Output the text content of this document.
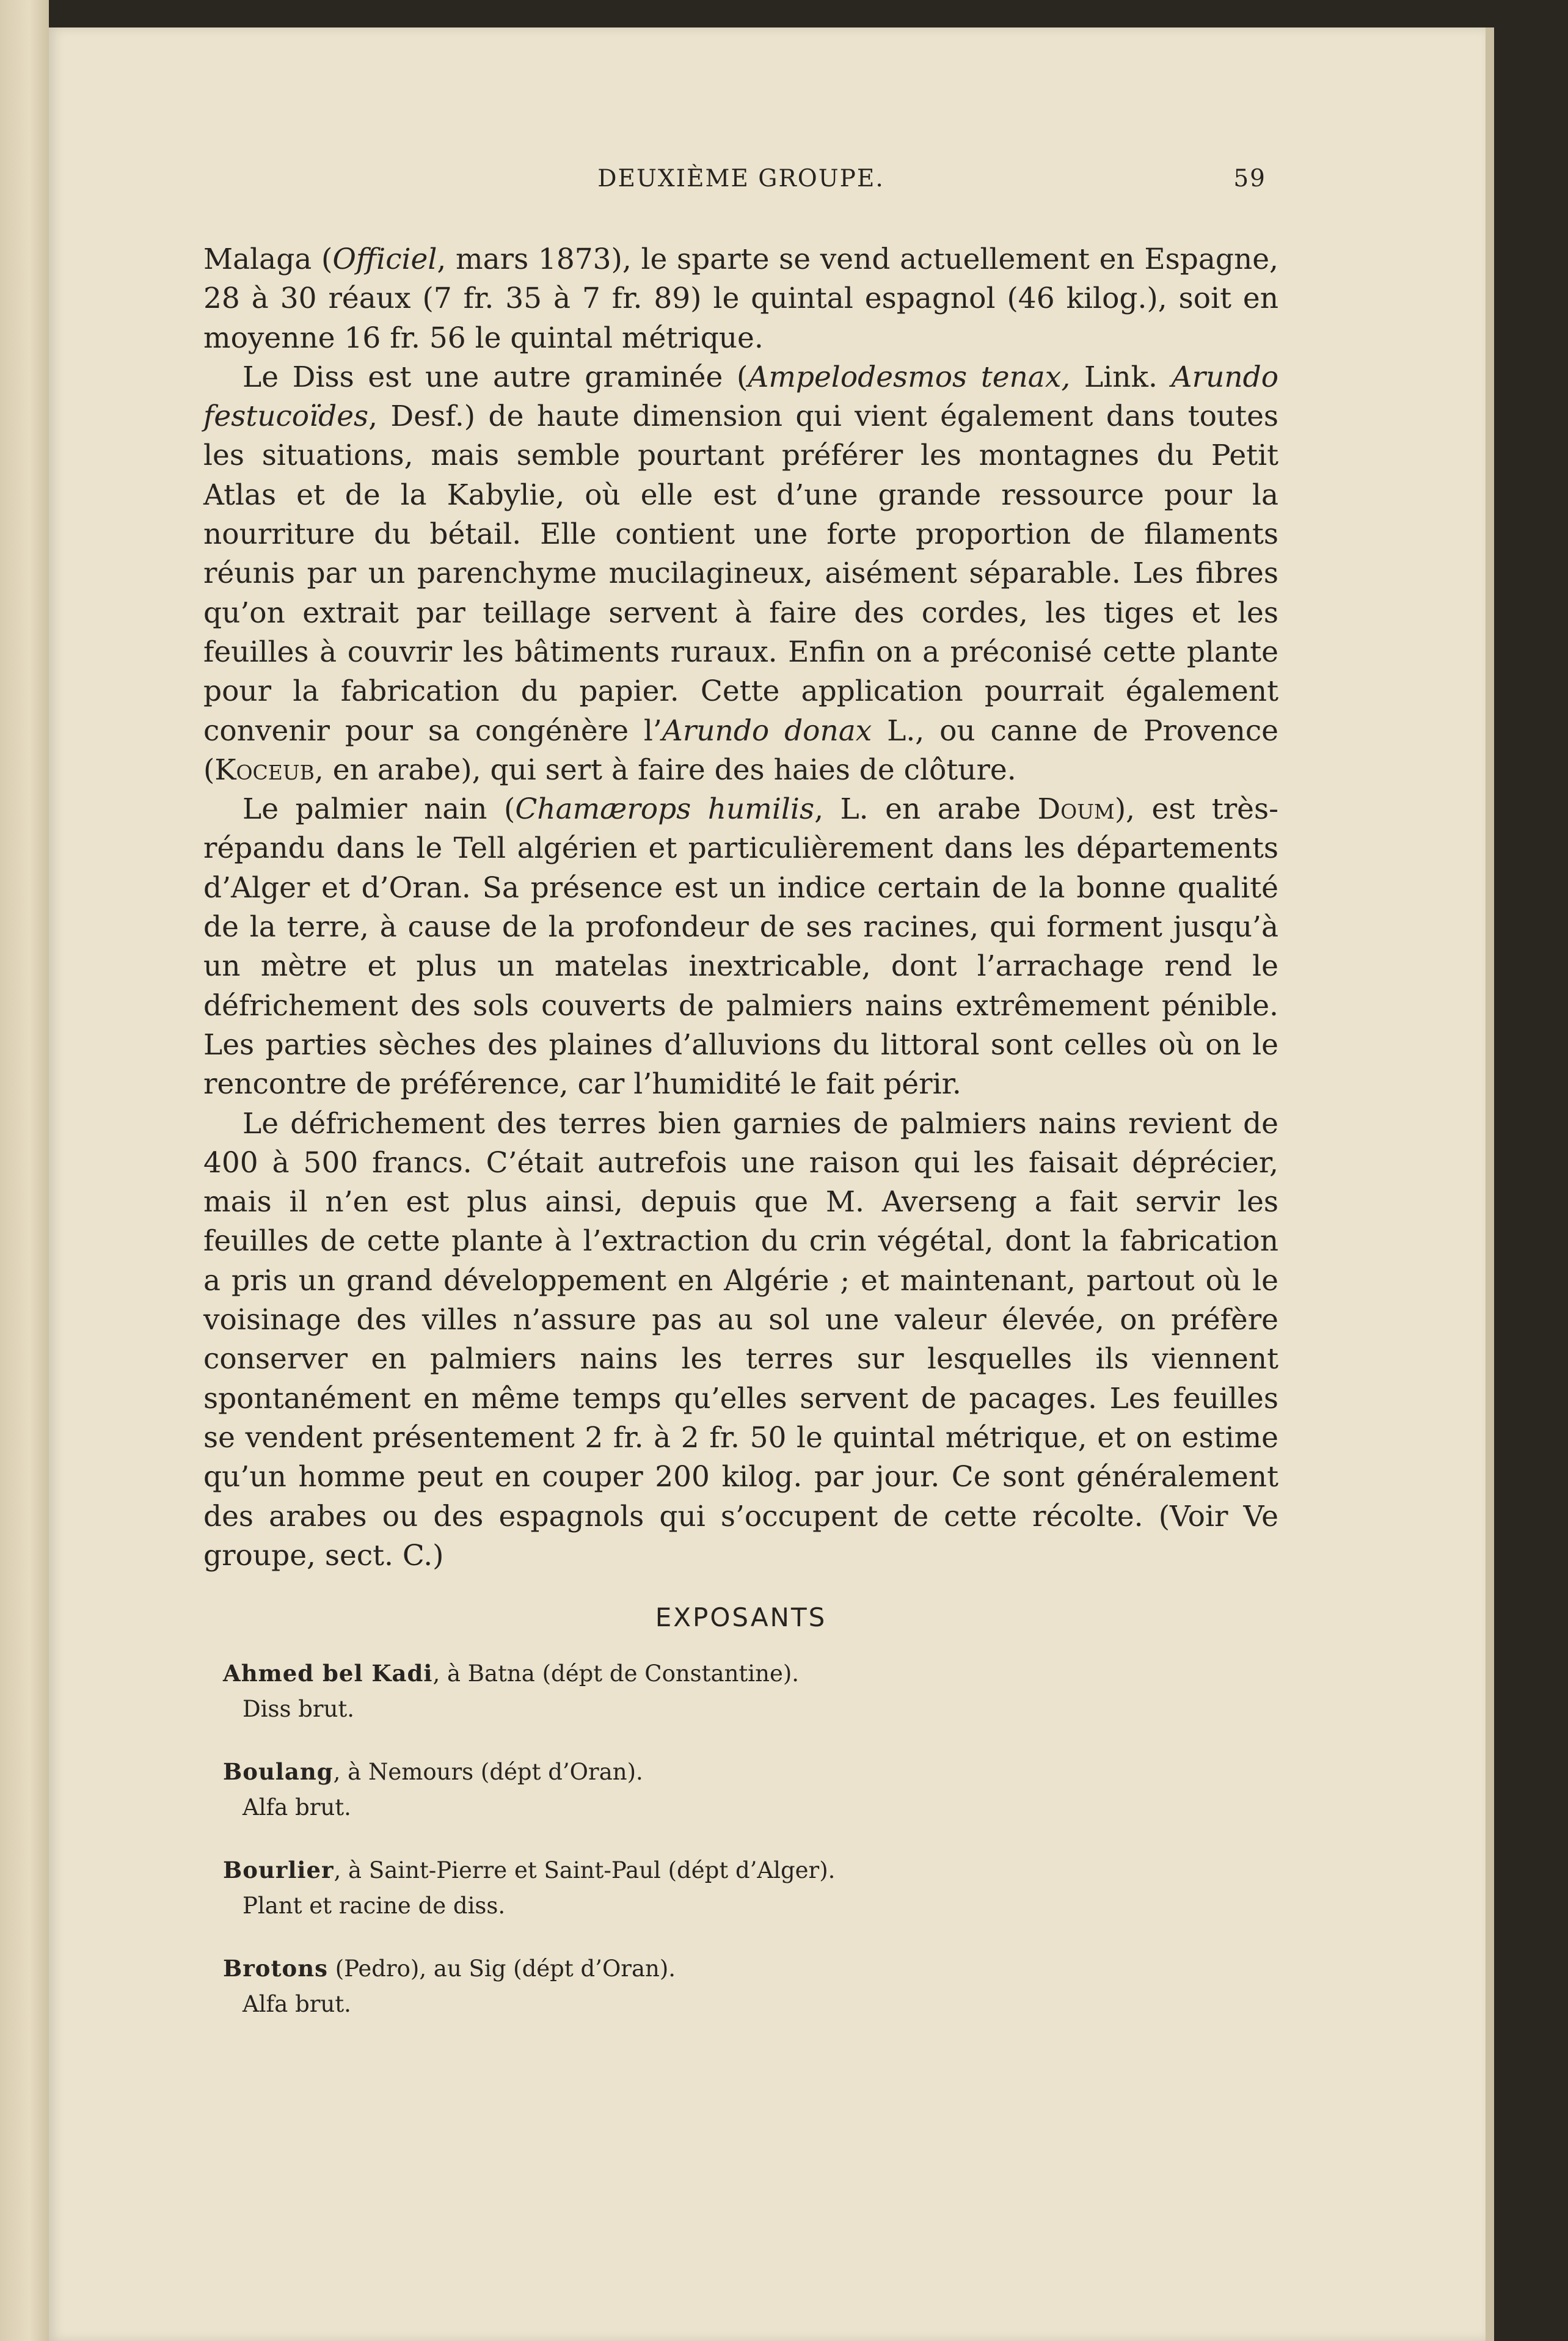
DEUXIÈME GROUPE.	59

Malaga (Officiel, mars 1873), le sparte se vend actuellement en Espagne, 28 à 30 réaux (7 fr. 35 à 7 fr. 89) le quintal espagnol (46 kilog.), soit en moyenne 16 fr. 56 le quintal métrique.

Le Diss est une autre graminée (Ampelodesmos tenax, Link. Arundo festucoïdes, Desf.) de haute dimension qui vient également dans toutes les situations, mais semble pourtant préférer les montagnes du Petit Atlas et de la Kabylie, où elle est d’une grande ressource pour la nourriture du bétail. Elle contient une forte proportion de filaments réunis par un parenchyme mucilagineux, aisément séparable. Les fibres qu’on extrait par teillage servent à faire des cordes, les tiges et les feuilles à couvrir les bâtiments ruraux. Enfin on a préconisé cette plante pour la fabrication du papier. Cette application pourrait également convenir pour sa congénère l’Arundo donax L., ou canne de Provence (Koceub, en arabe), qui sert à faire des haies de clôture.

Le palmier nain (Chamærops humilis, L. en arabe Doum), est très-répandu dans le Tell algérien et particulièrement dans les départements d’Alger et d’Oran. Sa présence est un indice certain de la bonne qualité de la terre, à cause de la profondeur de ses racines, qui forment jusqu’à un mètre et plus un matelas inextricable, dont l’arrachage rend le défrichement des sols couverts de palmiers nains extrêmement pénible. Les parties sèches des plaines d’alluvions du littoral sont celles où on le rencontre de préférence, car l’humidité le fait périr.

Le défrichement des terres bien garnies de palmiers nains revient de 400 à 500 francs. C’était autrefois une raison qui les faisait déprécier, mais il n’en est plus ainsi, depuis que M. Averseng a fait servir les feuilles de cette plante à l’extraction du crin végétal, dont la fabrication a pris un grand développement en Algérie ; et maintenant, partout où le voisinage des villes n’assure pas au sol une valeur élevée, on préfère conserver en palmiers nains les terres sur lesquelles ils viennent spontanément en même temps qu’elles servent de pacages. Les feuilles se vendent présentement 2 fr. à 2 fr. 50 le quintal métrique, et on estime qu’un homme peut en couper 200 kilog. par jour. Ce sont généralement des arabes ou des espagnols qui s’occupent de cette récolte. (Voir Ve groupe, sect. C.)

EXPOSANTS
Ahmed bel Kadi, à Batna (dépt de Constantine).
Diss brut.
Boulang, à Nemours (dépt d’Oran).
Alfa brut.
Bourlier, à Saint-Pierre et Saint-Paul (dépt d’Alger).
Plant et racine de diss.
Brotons (Pedro), au Sig (dépt d’Oran).
Alfa brut.
